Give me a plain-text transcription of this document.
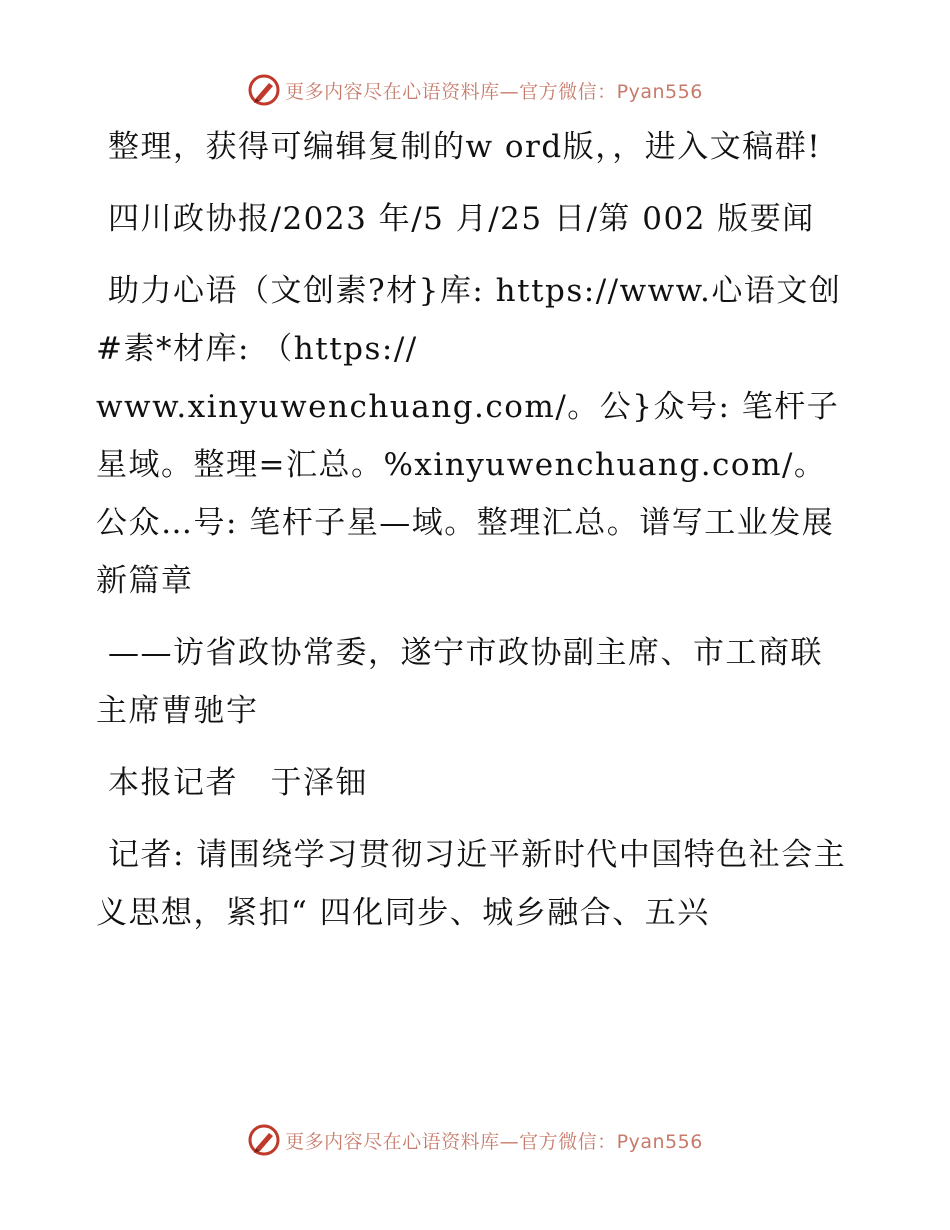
更多内容尽在心语资料库—官方微信：Pyan556

整理，获得可编辑复制的w ord版，，进入文稿群!

四川政协报/2023 年/5 月/25 日/第 002 版要闻

助力心语（文创素?材}库: https://www.心语文创#素*材库: （https://
www.xinyuwenchuang.com/。公}众号: 笔杆子星域。整理=汇总。%xinyuwenchuang.com/。公众…号: 笔杆子星—域。整理汇总。谱写工业发展新篇章

——访省政协常委，遂宁市政协副主席、市工商联主席曹驰宇

本报记者　于泽钿

记者: 请围绕学习贯彻习近平新时代中国特色社会主义思想，紧扣“ 四化同步、城乡融合、五兴

更多内容尽在心语资料库—官方微信：Pyan556
